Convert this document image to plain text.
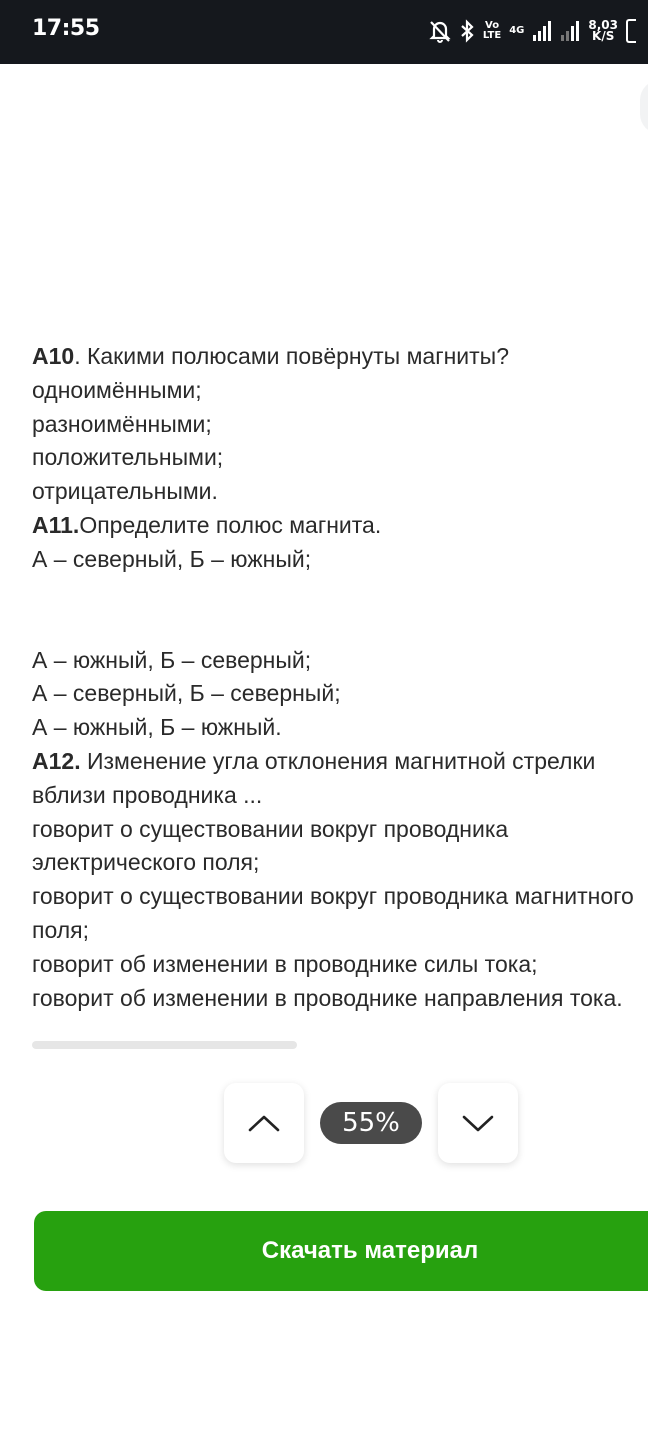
17:55	Vo
LTE 4G	8,03
K/S

A10. Какими полюсами повёрнуты магниты?

одноимёнными;

разноимёнными;

положительными;

отрицательными.

А11.Определите полюс магнита.

А – северный, Б – южный;

А – южный, Б – северный;

А – северный, Б – северный;

А – южный, Б – южный.

А12. Изменение угла отклонения магнитной стрелки вблизи проводника ...

говорит о существовании вокруг проводника электрического поля;

говорит о существовании вокруг проводника магнитного поля;

говорит об изменении в проводнике силы тока;

говорит об изменении в проводнике направления тока.

55%
Скачать материал
